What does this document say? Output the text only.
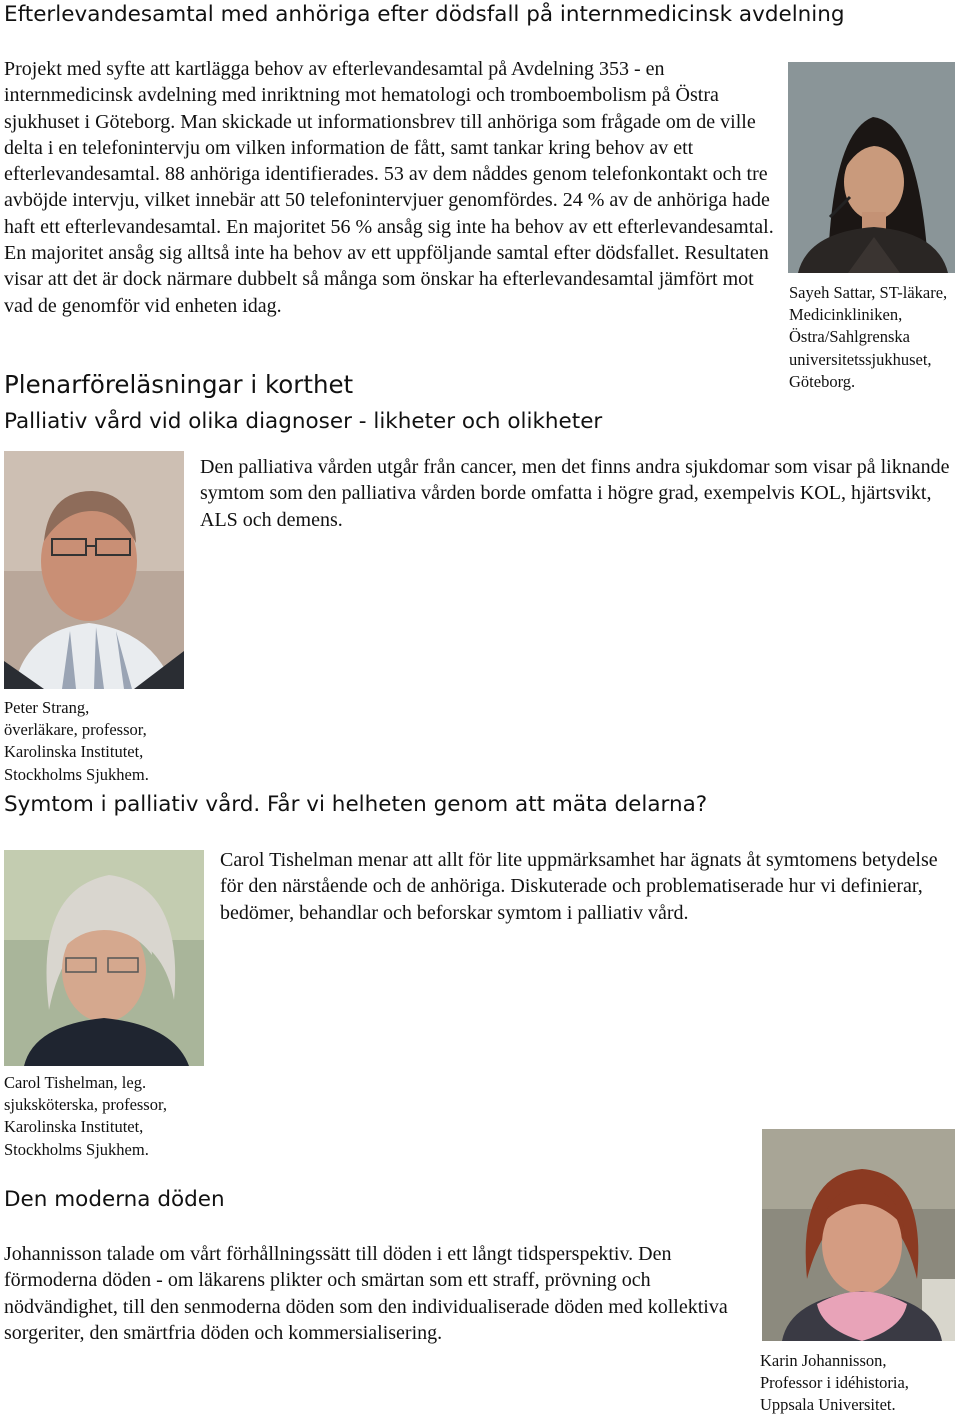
Efterlevandesamtal med anhöriga efter dödsfall på internmedicinsk avdelning

Projekt med syfte att kartlägga behov av efterlevandesamtal på Avdelning 353 - en internmedicinsk avdelning med inriktning mot hematologi och tromboembolism på Östra sjukhuset i Göteborg. Man skickade ut informationsbrev till anhöriga som frågade om de ville delta i en telefonintervju om vilken information de fått, samt tankar kring behov av ett efterlevandesamtal. 88 anhöriga identifierades. 53 av dem nåddes genom telefonkontakt och tre avböjde intervju, vilket innebär att 50 telefonintervjuer genomfördes. 24 % av de anhöriga hade haft ett efterlevandesamtal. En majoritet 56 % ansåg sig inte ha behov av ett efterlevandesamtal. En majoritet ansåg sig alltså inte ha behov av ett uppföljande samtal efter dödsfallet. Resultaten visar att det är dock närmare dubbelt så många som önskar ha efterlevandesamtal jämfört mot vad de genomför vid enheten idag.

Sayeh Sattar, ST-läkare, Medicinkliniken, Östra/Sahlgrenska universitetssjukhuset, Göteborg.

Plenarföreläsningar i korthet
Palliativ vård vid olika diagnoser - likheter och olikheter

Den palliativa vården utgår från cancer, men det finns andra sjukdomar som visar på liknande symtom som den palliativa vården borde omfatta i högre grad, exempelvis KOL, hjärtsvikt, ALS och demens.

Peter Strang, överläkare, professor, Karolinska Institutet, Stockholms Sjukhem.

Symtom i palliativ vård. Får vi helheten genom att mäta delarna?

Carol Tishelman menar att allt för lite uppmärksamhet har ägnats åt symtomens betydelse för den närstående och de anhöriga. Diskuterade och problematiserade hur vi definierar, bedömer, behandlar och beforskar symtom i palliativ vård.

Carol Tishelman, leg. sjuksköterska, professor, Karolinska Institutet, Stockholms Sjukhem.

Den moderna döden

Johannisson talade om vårt förhållningssätt till döden i ett långt tidsperspektiv. Den förmoderna döden - om läkarens plikter och smärtan som ett straff, prövning och nödvändighet, till den senmoderna döden som den individualiserade döden med kollektiva sorgeriter, den smärtfria döden och kommersialisering.

Karin Johannisson, Professor i idéhistoria, Uppsala Universitet.
